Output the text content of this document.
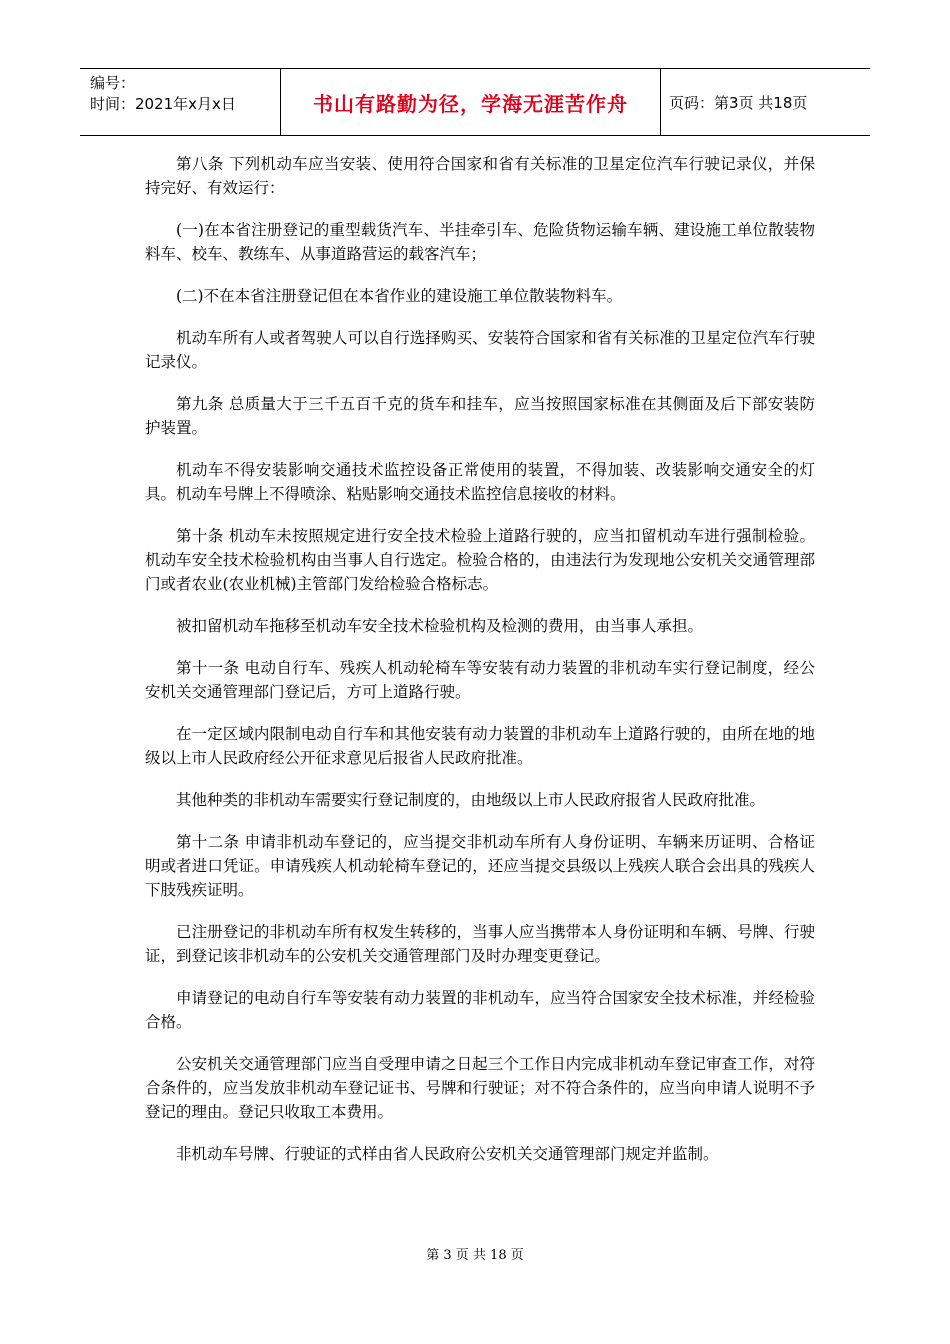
编号：
时间：2021年x月x日	书山有路勤为径，学海无涯苦作舟	页码：第3页 共18页

第八条 下列机动车应当安装、使用符合国家和省有关标准的卫星定位汽车行驶记录仪，并保持完好、有效运行：

(一)在本省注册登记的重型载货汽车、半挂牵引车、危险货物运输车辆、建设施工单位散装物料车、校车、教练车、从事道路营运的载客汽车；

(二)不在本省注册登记但在本省作业的建设施工单位散装物料车。

机动车所有人或者驾驶人可以自行选择购买、安装符合国家和省有关标准的卫星定位汽车行驶记录仪。

第九条 总质量大于三千五百千克的货车和挂车，应当按照国家标准在其侧面及后下部安装防护装置。

机动车不得安装影响交通技术监控设备正常使用的装置，不得加装、改装影响交通安全的灯具。机动车号牌上不得喷涂、粘贴影响交通技术监控信息接收的材料。

第十条 机动车未按照规定进行安全技术检验上道路行驶的，应当扣留机动车进行强制检验。机动车安全技术检验机构由当事人自行选定。检验合格的，由违法行为发现地公安机关交通管理部门或者农业(农业机械)主管部门发给检验合格标志。

被扣留机动车拖移至机动车安全技术检验机构及检测的费用，由当事人承担。

第十一条 电动自行车、残疾人机动轮椅车等安装有动力装置的非机动车实行登记制度，经公安机关交通管理部门登记后，方可上道路行驶。

在一定区域内限制电动自行车和其他安装有动力装置的非机动车上道路行驶的，由所在地的地级以上市人民政府经公开征求意见后报省人民政府批准。

其他种类的非机动车需要实行登记制度的，由地级以上市人民政府报省人民政府批准。

第十二条 申请非机动车登记的，应当提交非机动车所有人身份证明、车辆来历证明、合格证明或者进口凭证。申请残疾人机动轮椅车登记的，还应当提交县级以上残疾人联合会出具的残疾人下肢残疾证明。

已注册登记的非机动车所有权发生转移的，当事人应当携带本人身份证明和车辆、号牌、行驶证，到登记该非机动车的公安机关交通管理部门及时办理变更登记。

申请登记的电动自行车等安装有动力装置的非机动车，应当符合国家安全技术标准，并经检验合格。

公安机关交通管理部门应当自受理申请之日起三个工作日内完成非机动车登记审查工作，对符合条件的，应当发放非机动车登记证书、号牌和行驶证；对不符合条件的，应当向申请人说明不予登记的理由。登记只收取工本费用。

非机动车号牌、行驶证的式样由省人民政府公安机关交通管理部门规定并监制。

第 3 页 共 18 页
